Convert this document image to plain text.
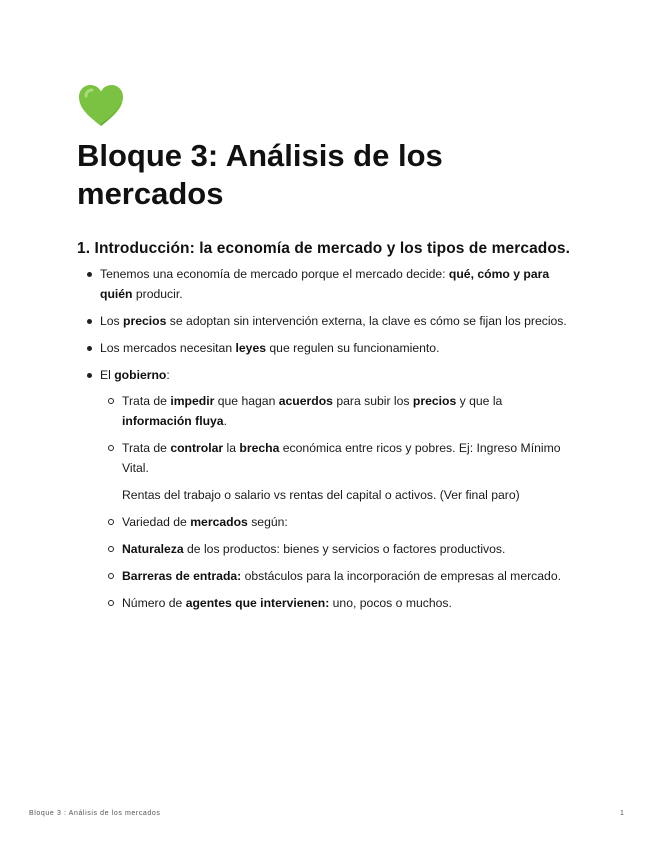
Bloque 3: Análisis de los
mercados
1. Introducción: la economía de mercado y los tipos de mercados.
Tenemos una economía de mercado porque el mercado decide: qué, cómo y para quién producir.
Los precios se adoptan sin intervención externa, la clave es cómo se fijan los precios.
Los mercados necesitan leyes que regulen su funcionamiento.
El gobierno:
Trata de impedir que hagan acuerdos para subir los precios y que la información fluya.
Trata de controlar la brecha económica entre ricos y pobres. Ej: Ingreso Mínimo Vital.
Rentas del trabajo o salario vs rentas del capital o activos. (Ver final paro)
Variedad de mercados según:
Naturaleza de los productos: bienes y servicios o factores productivos.
Barreras de entrada: obstáculos para la incorporación de empresas al mercado.
Número de agentes que intervienen: uno, pocos o muchos.
Bloque 3 : Análisis de los mercados	1
